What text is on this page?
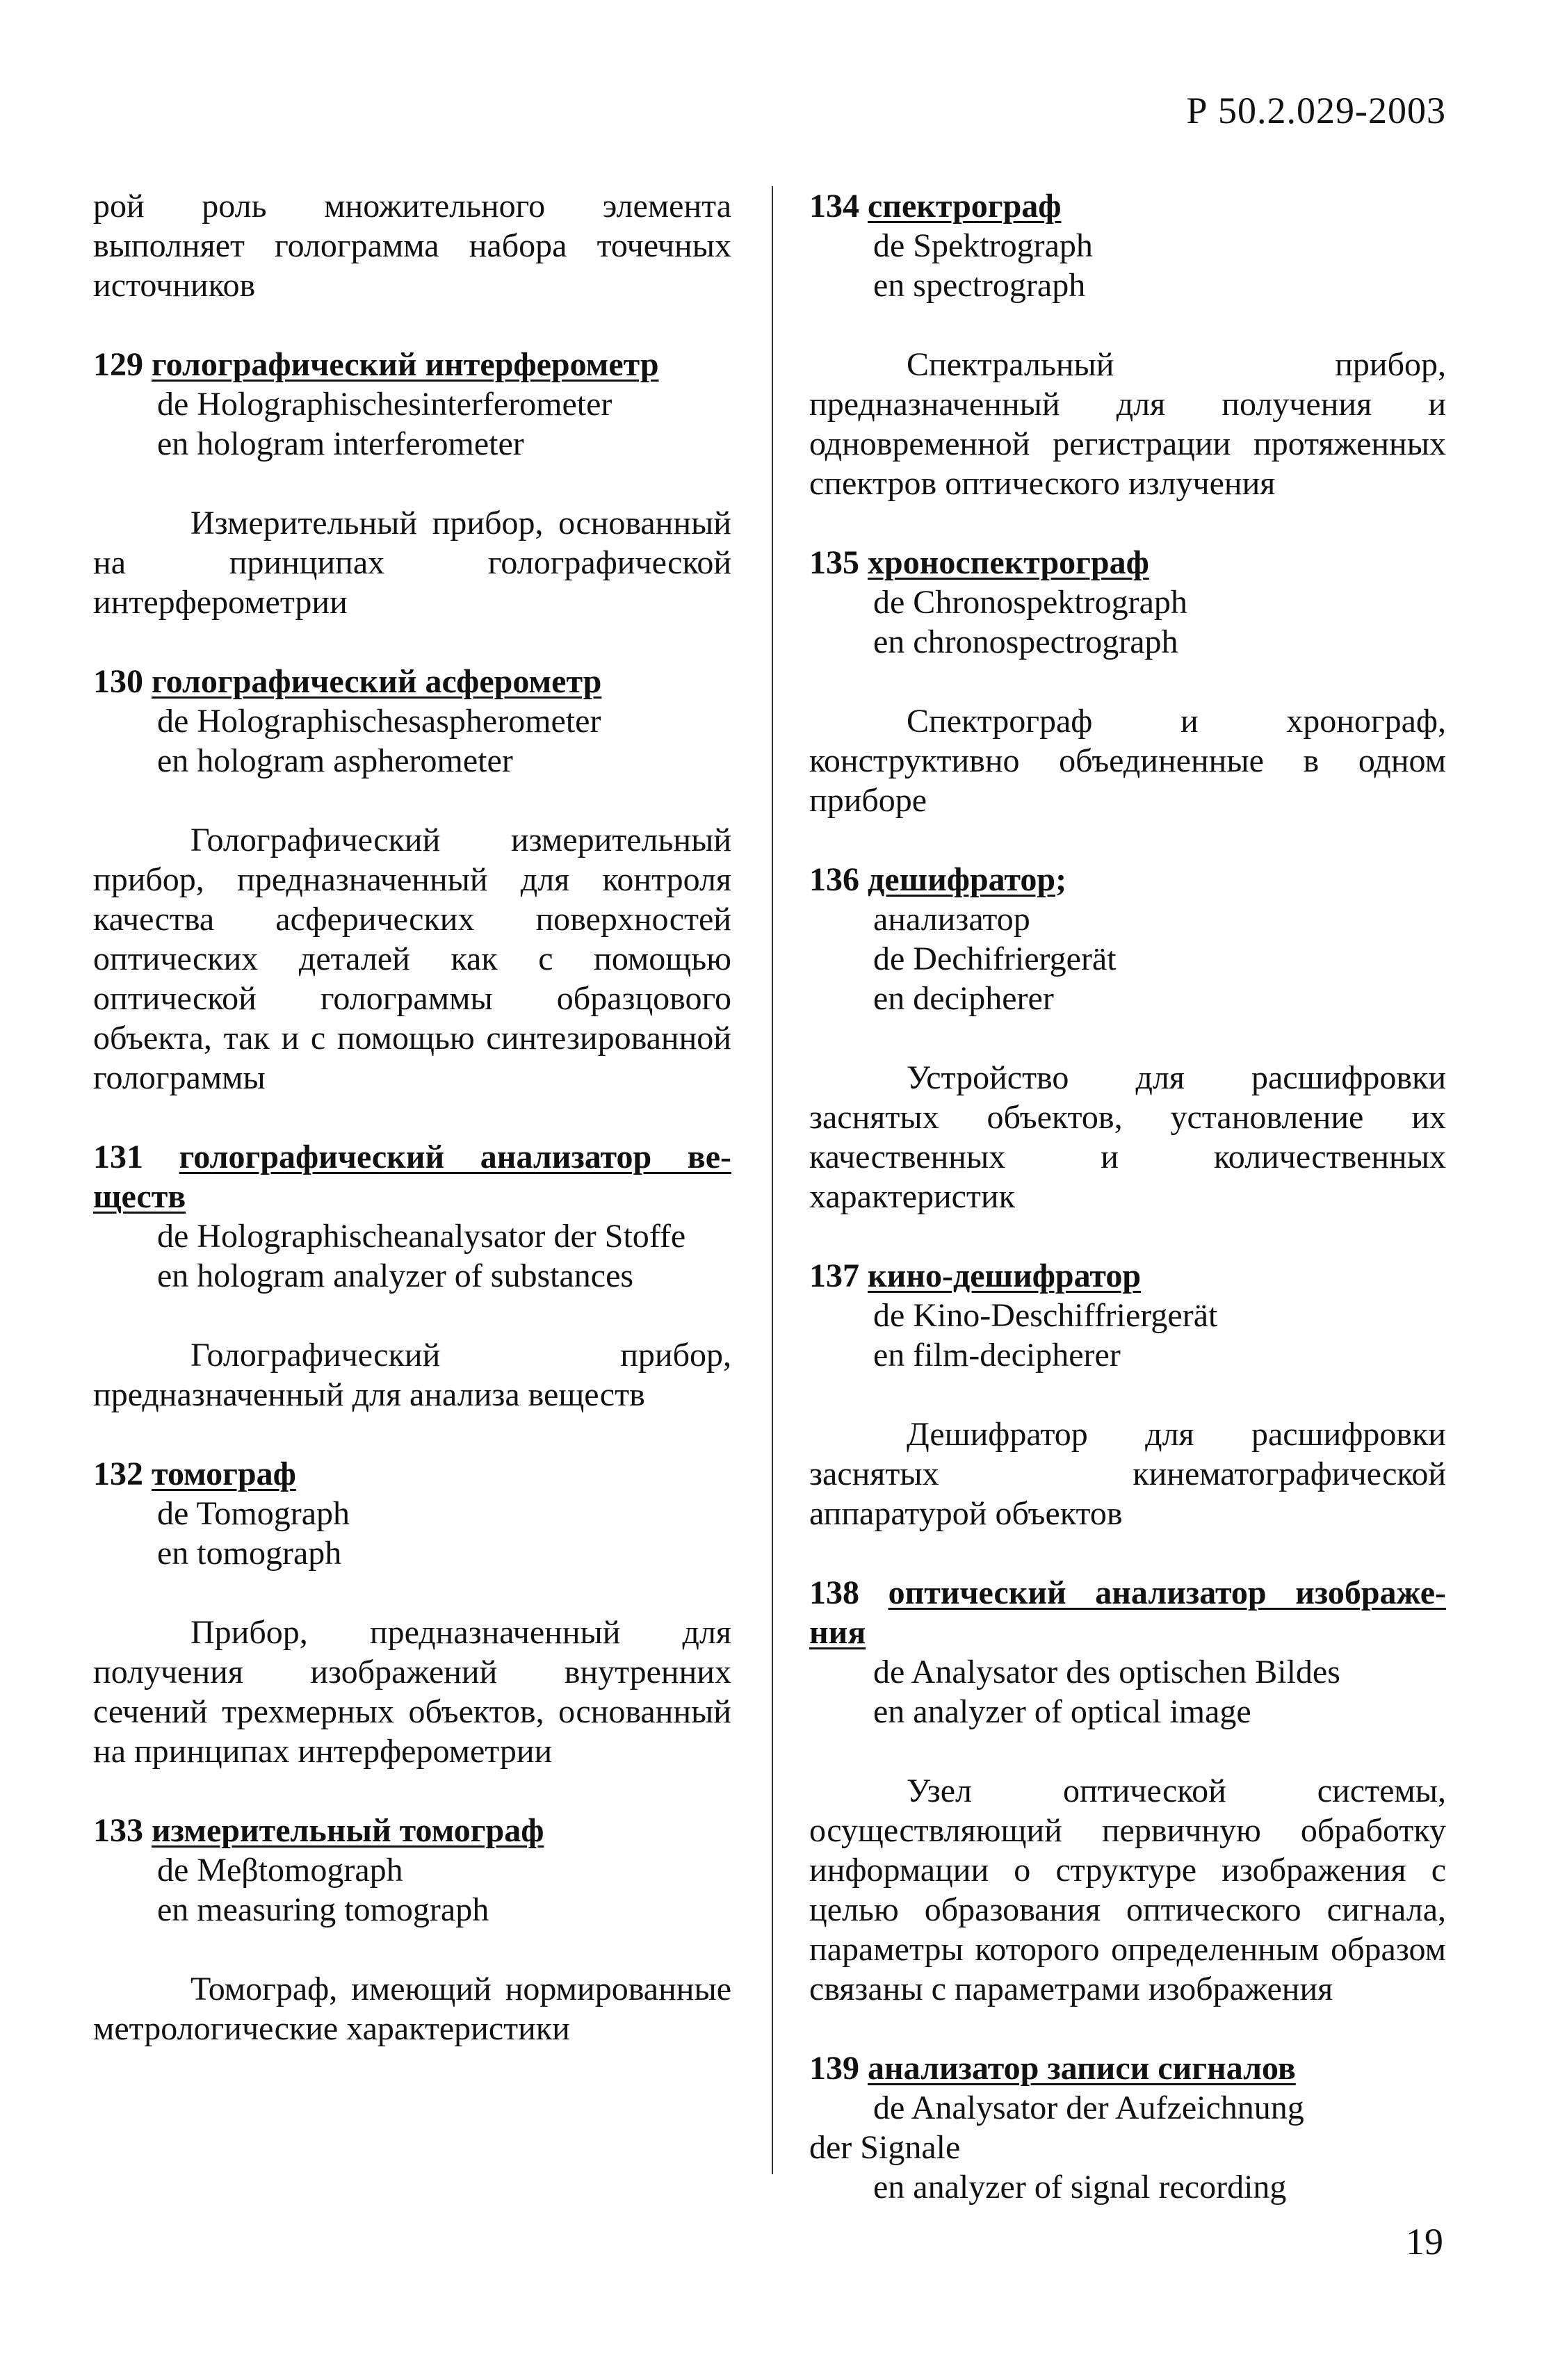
Р 50.2.029-2003
рой роль множительного элемента выполняет голограмма набора точечных источников
129 голографический интерферометр
de Holographischesinterferometer
en hologram interferometer
Измерительный прибор, основанный на принципах голографической интерферометрии
130 голографический асферометр
de Holographischesaspherometer
en hologram aspherometer
Голографический измерительный прибор, предназначенный для контроля качества асферических поверхностей оптических деталей как с помощью оптической голограммы образцового объекта, так и с помощью синтезированной голограммы
131 голографический анализатор ве-
ществ
de Holographischeanalysator der Stoffe
en hologram analyzer of substances
Голографический прибор, предназначенный для анализа веществ
132 томограф
de Tomograph
en tomograph
Прибор, предназначенный для получения изображений внутренних сечений трехмерных объектов, основанный на принципах интерферометрии
133 измерительный томограф
de Meβtomograph
en measuring tomograph
Томограф, имеющий нормированные метрологические характеристики
134 спектрограф
de Spektrograph
en spectrograph
Спектральный прибор, предназначенный для получения и одновременной регистрации протяженных спектров оптического излучения
135 хроноспектрограф
de Chronospektrograph
en chronospectrograph
Спектрограф и хронограф, конструктивно объединенные в одном приборе
136 дешифратор;
анализатор
de Dechifriergerät
en decipherer
Устройство для расшифровки заснятых объектов, установление их качественных и количественных характеристик
137 кино-дешифратор
de Kino-Deschiffriergerät
en film-decipherer
Дешифратор для расшифровки заснятых кинематографической аппаратурой объектов
138 оптический анализатор изображе-
ния
de Analysator des optischen Bildes
en analyzer of optical image
Узел оптической системы, осуществляющий первичную обработку информации о структуре изображения с целью образования оптического сигнала, параметры которого определенным образом связаны с параметрами изображения
139 анализатор записи сигналов
de Analysator der Aufzeichnung
der Signale
en analyzer of signal recording
19
